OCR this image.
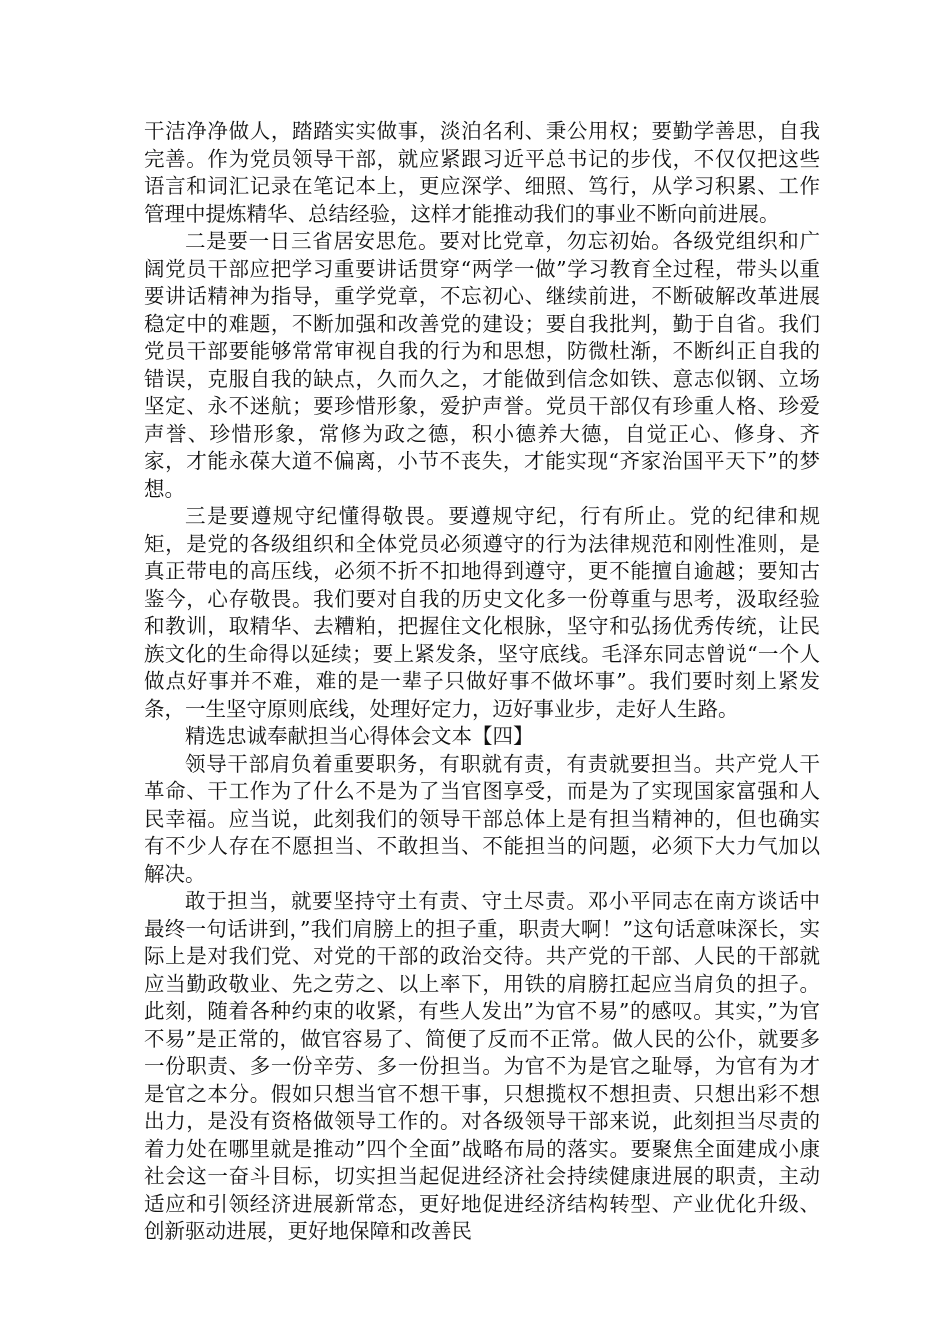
干洁净净做人，踏踏实实做事，淡泊名利、秉公用权；要勤学善思，自我完善。作为党员领导干部，就应紧跟习近平总书记的步伐，不仅仅把这些语言和词汇记录在笔记本上，更应深学、细照、笃行，从学习积累、工作管理中提炼精华、总结经验，这样才能推动我们的事业不断向前进展。

二是要一日三省居安思危。要对比党章，勿忘初始。各级党组织和广阔党员干部应把学习重要讲话贯穿“两学一做”学习教育全过程，带头以重要讲话精神为指导，重学党章，不忘初心、继续前进，不断破解改革进展稳定中的难题，不断加强和改善党的建设；要自我批判，勤于自省。我们党员干部要能够常常审视自我的行为和思想，防微杜渐，不断纠正自我的错误，克服自我的缺点，久而久之，才能做到信念如铁、意志似钢、立场坚定、永不迷航；要珍惜形象，爱护声誉。党员干部仅有珍重人格、珍爱声誉、珍惜形象，常修为政之德，积小德养大德，自觉正心、修身、齐家，才能永葆大道不偏离，小节不丧失，才能实现“齐家治国平天下”的梦想。

三是要遵规守纪懂得敬畏。要遵规守纪，行有所止。党的纪律和规矩，是党的各级组织和全体党员必须遵守的行为法律规范和刚性准则，是真正带电的高压线，必须不折不扣地得到遵守，更不能擅自逾越；要知古鉴今，心存敬畏。我们要对自我的历史文化多一份尊重与思考，汲取经验和教训，取精华、去糟粕，把握住文化根脉，坚守和弘扬优秀传统，让民族文化的生命得以延续；要上紧发条，坚守底线。毛泽东同志曾说“一个人做点好事并不难，难的是一辈子只做好事不做坏事”。我们要时刻上紧发条，一生坚守原则底线，处理好定力，迈好事业步，走好人生路。

精选忠诚奉献担当心得体会文本【四】

领导干部肩负着重要职务，有职就有责，有责就要担当。共产党人干革命、干工作为了什么不是为了当官图享受，而是为了实现国家富强和人民幸福。应当说，此刻我们的领导干部总体上是有担当精神的，但也确实有不少人存在不愿担当、不敢担当、不能担当的问题，必须下大力气加以解决。

敢于担当，就要坚持守土有责、守土尽责。邓小平同志在南方谈话中最终一句话讲到，”我们肩膀上的担子重，职责大啊！”这句话意味深长，实际上是对我们党、对党的干部的政治交待。共产党的干部、人民的干部就应当勤政敬业、先之劳之、以上率下，用铁的肩膀扛起应当肩负的担子。此刻，随着各种约束的收紧，有些人发出”为官不易”的感叹。其实，”为官不易”是正常的，做官容易了、简便了反而不正常。做人民的公仆，就要多一份职责、多一份辛劳、多一份担当。为官不为是官之耻辱，为官有为才是官之本分。假如只想当官不想干事，只想揽权不想担责、只想出彩不想出力，是没有资格做领导工作的。对各级领导干部来说，此刻担当尽责的着力处在哪里就是推动”四个全面”战略布局的落实。要聚焦全面建成小康社会这一奋斗目标，切实担当起促进经济社会持续健康进展的职责，主动适应和引领经济进展新常态，更好地促进经济结构转型、产业优化升级、创新驱动进展，更好地保障和改善民
